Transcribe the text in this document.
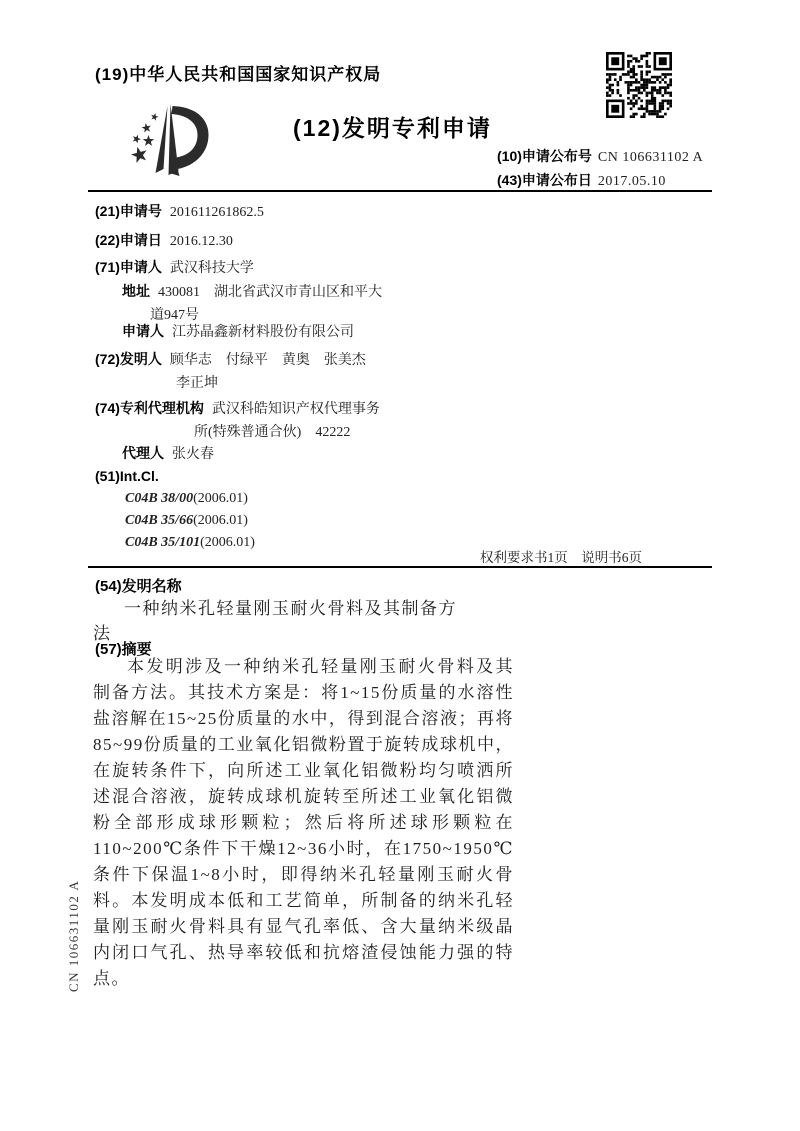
(19)中华人民共和国国家知识产权局
(12)发明专利申请
(10)申请公布号 CN 106631102 A
(43)申请公布日 2017.05.10
(21)申请号 201611261862.5
(22)申请日 2016.12.30
(71)申请人 武汉科技大学
地址 430081　湖北省武汉市青山区和平大
道947号
申请人 江苏晶鑫新材料股份有限公司
(72)发明人 顾华志　付绿平　黄奥　张美杰
李正坤
(74)专利代理机构 武汉科皓知识产权代理事务
所(特殊普通合伙)　42222
代理人 张火春
(51)Int.Cl.
C04B 38/00(2006.01)
C04B 35/66(2006.01)
C04B 35/101(2006.01)
权利要求书1页　说明书6页
(54)发明名称
一种纳米孔轻量刚玉耐火骨料及其制备方
法
(57)摘要
本发明涉及一种纳米孔轻量刚玉耐火骨料及其制备方法。其技术方案是：将1~15份质量的水溶性盐溶解在15~25份质量的水中，得到混合溶液；再将85~99份质量的工业氧化铝微粉置于旋转成球机中，在旋转条件下，向所述工业氧化铝微粉均匀喷洒所述混合溶液，旋转成球机旋转至所述工业氧化铝微粉全部形成球形颗粒；然后将所述球形颗粒在110~200℃条件下干燥12~36小时，在1750~1950℃条件下保温1~8小时，即得纳米孔轻量刚玉耐火骨料。本发明成本低和工艺简单，所制备的纳米孔轻量刚玉耐火骨料具有显气孔率低、含大量纳米级晶内闭口气孔、热导率较低和抗熔渣侵蚀能力强的特点。
CN 106631102 A
